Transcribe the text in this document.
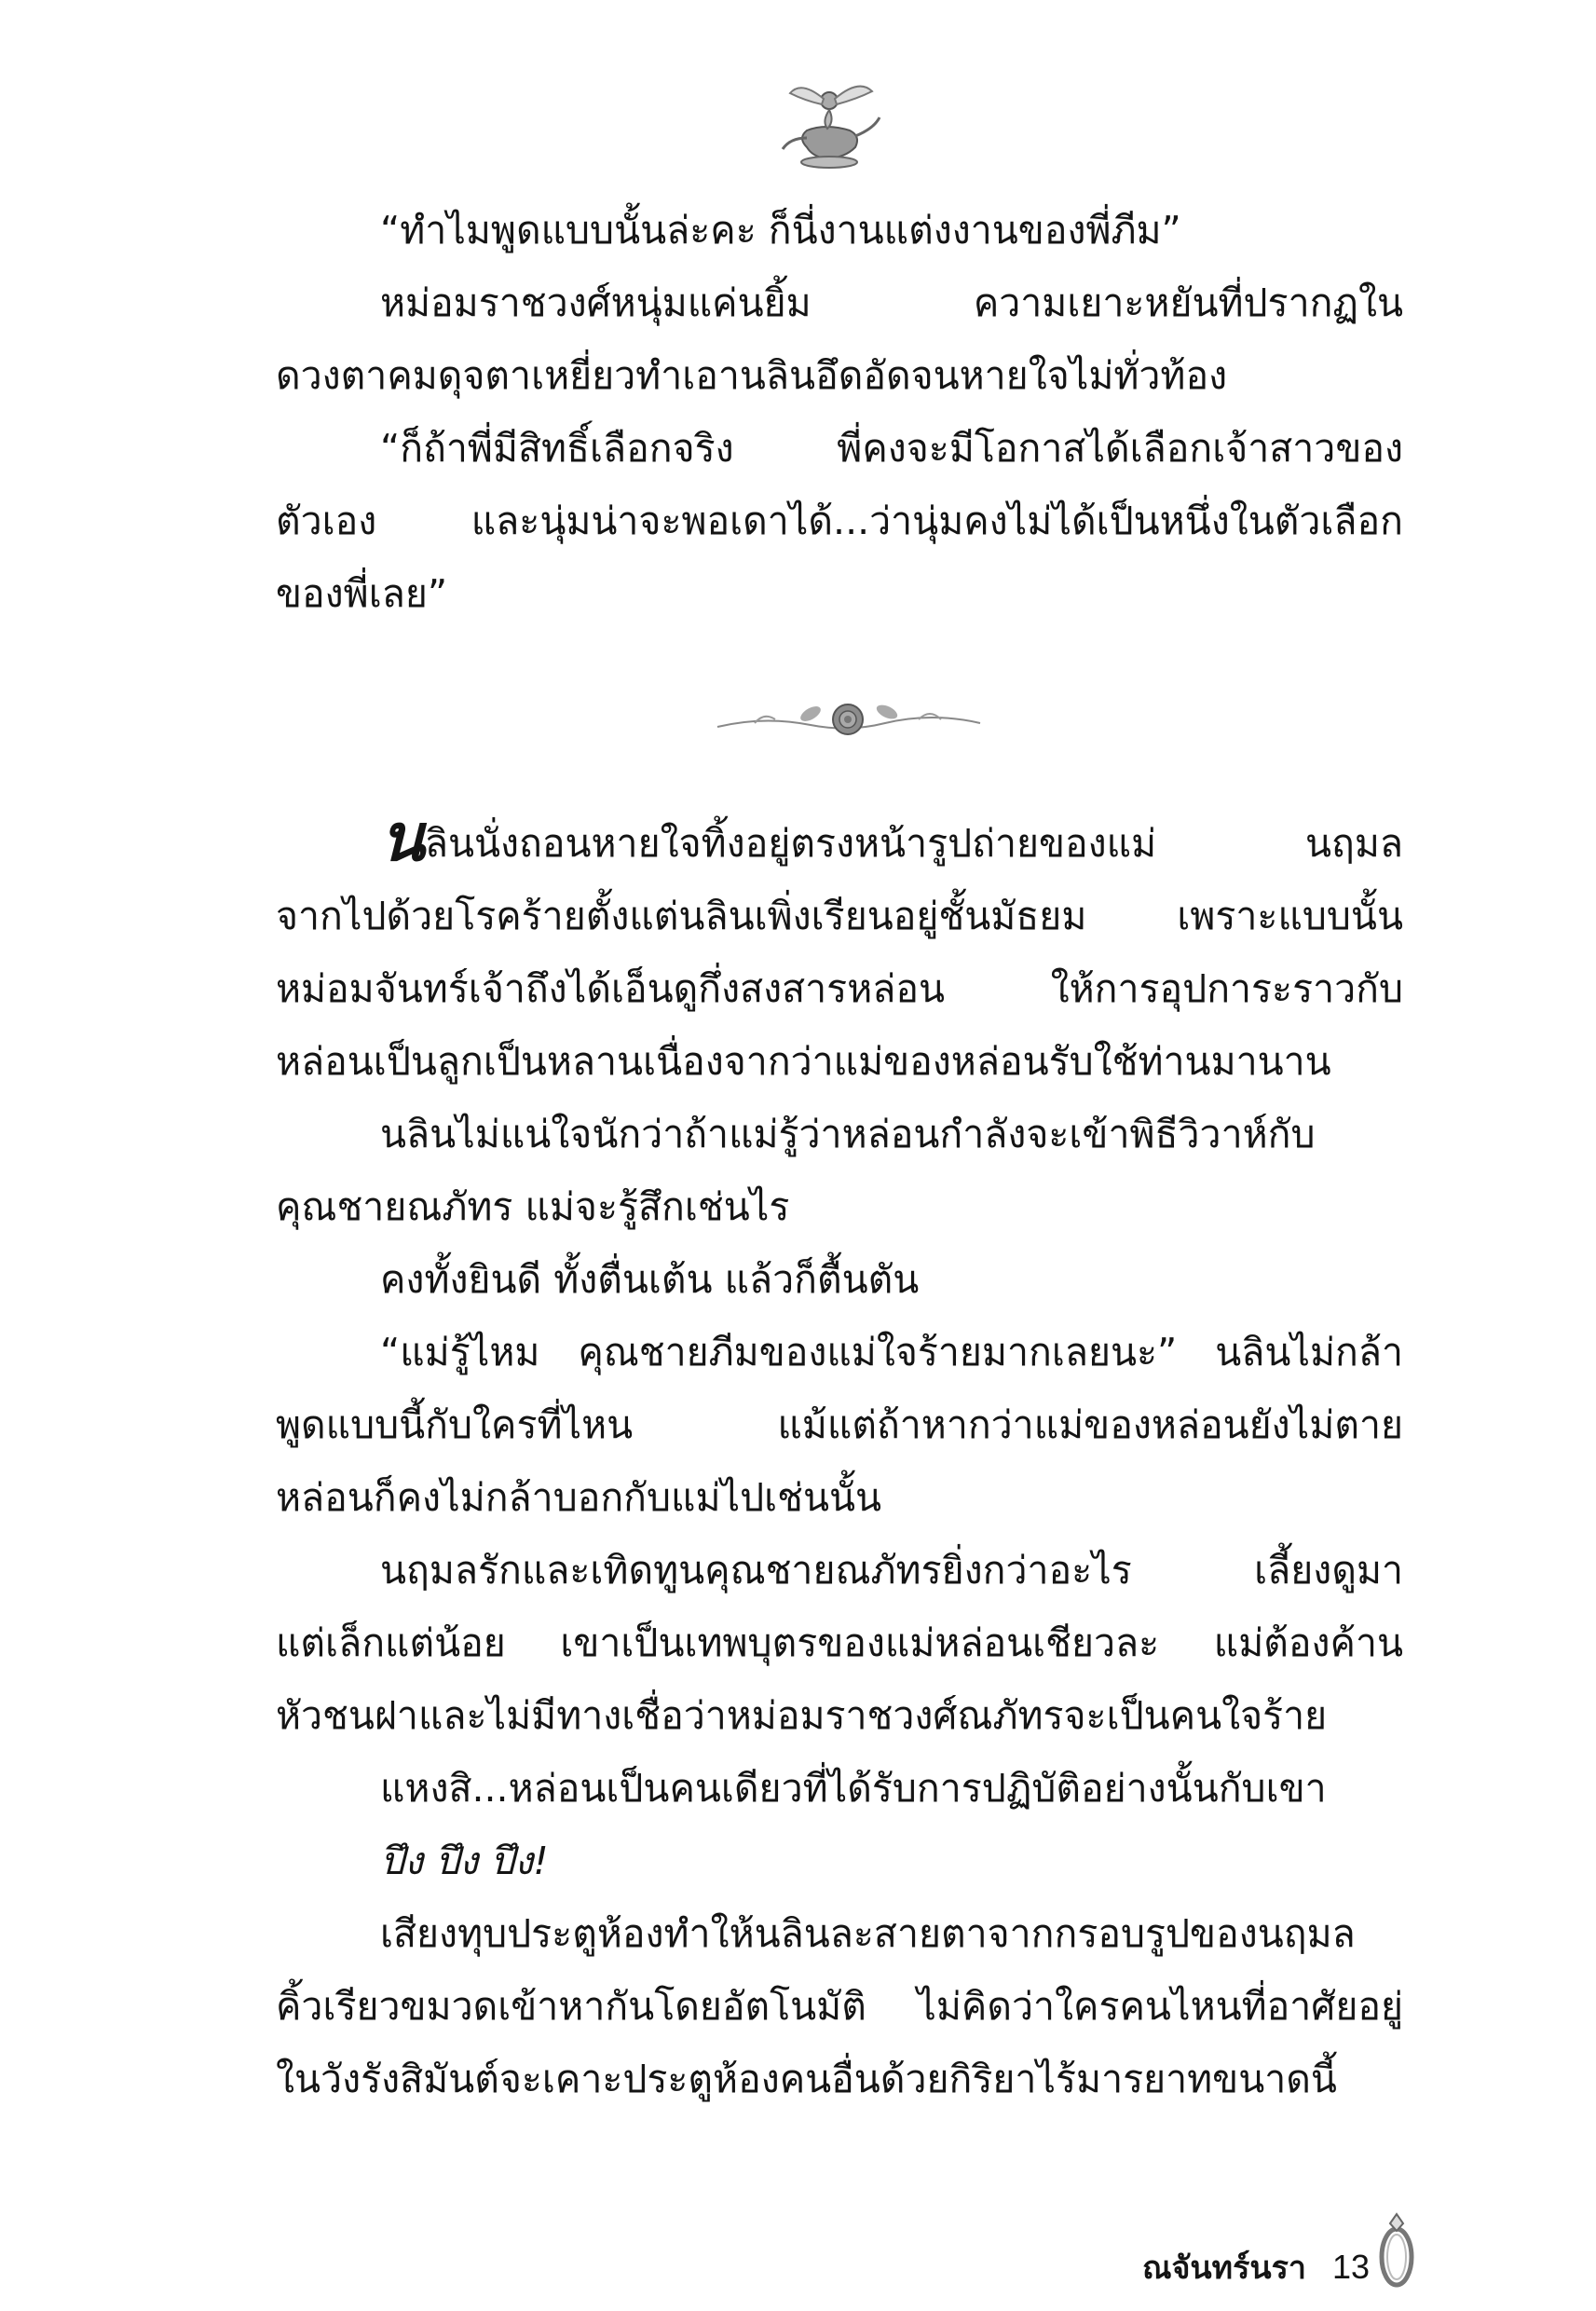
“ทำไมพูดแบบนั้นล่ะคะ ก็นี่งานแต่งงานของพี่ภีม”
หม่อมราชวงศ์หนุ่มแค่นยิ้ม ความเยาะหยันที่ปรากฏใน
ดวงตาคมดุจตาเหยี่ยวทำเอานลินอึดอัดจนหายใจไม่ทั่วท้อง
“ก็ถ้าพี่มีสิทธิ์เลือกจริง พี่คงจะมีโอกาสได้เลือกเจ้าสาวของ
ตัวเอง และนุ่มน่าจะพอเดาได้...ว่านุ่มคงไม่ได้เป็นหนึ่งในตัวเลือก
ของพี่เลย”
นลินนั่งถอนหายใจทิ้งอยู่ตรงหน้ารูปถ่ายของแม่ นฤมล
จากไปด้วยโรคร้ายตั้งแต่นลินเพิ่งเรียนอยู่ชั้นมัธยม เพราะแบบนั้น
หม่อมจันทร์เจ้าถึงได้เอ็นดูกึ่งสงสารหล่อน ให้การอุปการะราวกับ
หล่อนเป็นลูกเป็นหลานเนื่องจากว่าแม่ของหล่อนรับใช้ท่านมานาน
นลินไม่แน่ใจนักว่าถ้าแม่รู้ว่าหล่อนกำลังจะเข้าพิธีวิวาห์กับ
คุณชายณภัทร แม่จะรู้สึกเช่นไร
คงทั้งยินดี ทั้งตื่นเต้น แล้วก็ตื้นตัน
“แม่รู้ไหม คุณชายภีมของแม่ใจร้ายมากเลยนะ” นลินไม่กล้า
พูดแบบนี้กับใครที่ไหน แม้แต่ถ้าหากว่าแม่ของหล่อนยังไม่ตาย
หล่อนก็คงไม่กล้าบอกกับแม่ไปเช่นนั้น
นฤมลรักและเทิดทูนคุณชายณภัทรยิ่งกว่าอะไร เลี้ยงดูมา
แต่เล็กแต่น้อย เขาเป็นเทพบุตรของแม่หล่อนเชียวละ แม่ต้องค้าน
หัวชนฝาและไม่มีทางเชื่อว่าหม่อมราชวงศ์ณภัทรจะเป็นคนใจร้าย
แหงสิ...หล่อนเป็นคนเดียวที่ได้รับการปฏิบัติอย่างนั้นกับเขา
ปึง ปึง ปึง!
เสียงทุบประตูห้องทำให้นลินละสายตาจากกรอบรูปของนฤมล
คิ้วเรียวขมวดเข้าหากันโดยอัตโนมัติ ไม่คิดว่าใครคนไหนที่อาศัยอยู่
ในวังรังสิมันต์จะเคาะประตูห้องคนอื่นด้วยกิริยาไร้มารยาทขนาดนี้
ณจันทร์นรา 13
